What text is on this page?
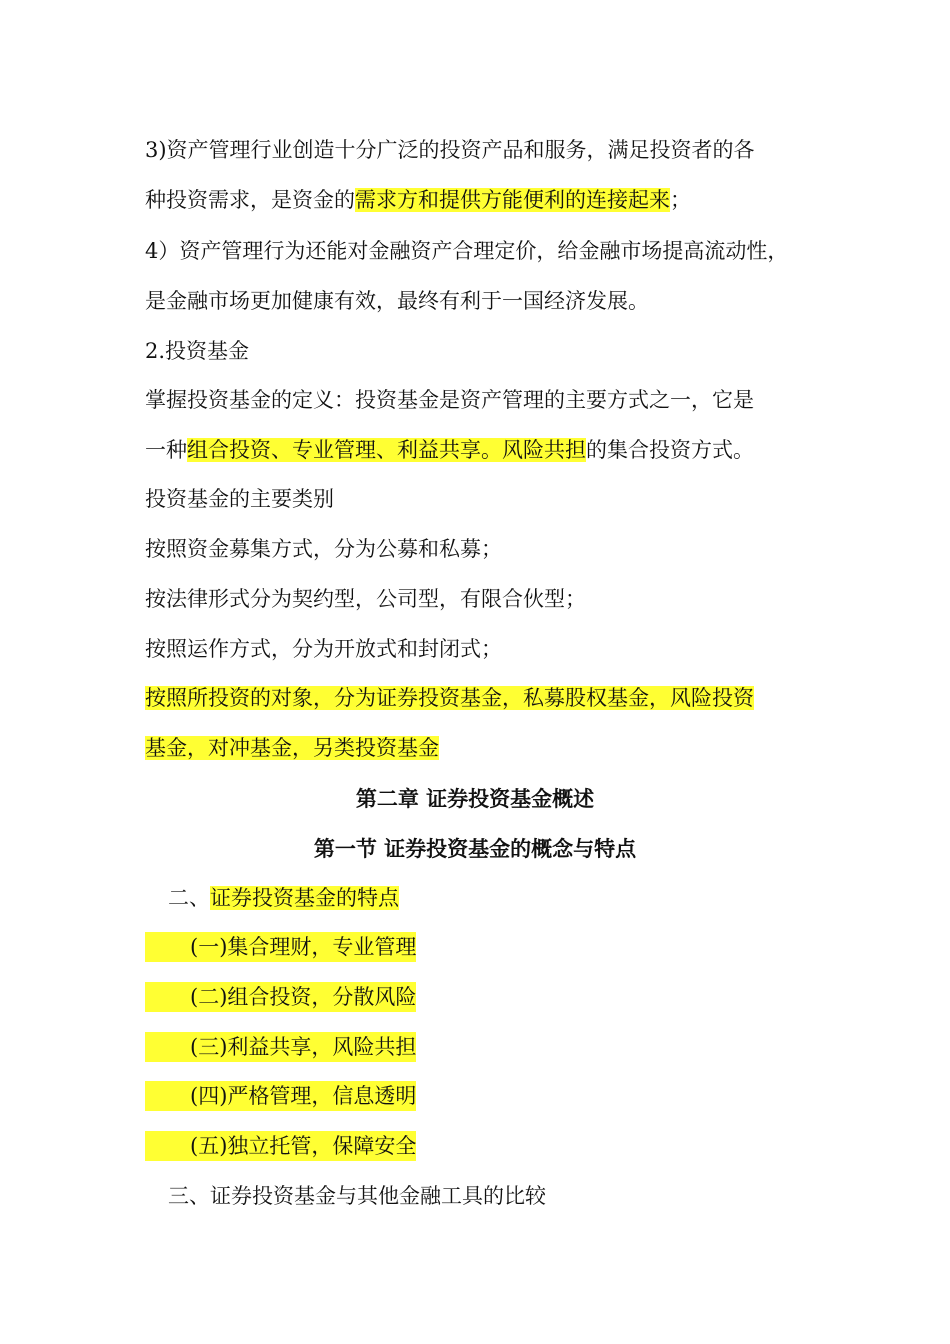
3)资产管理行业创造十分广泛的投资产品和服务，满足投资者的各
种投资需求，是资金的需求方和提供方能便利的连接起来；
4）资产管理行为还能对金融资产合理定价，给金融市场提高流动性，
是金融市场更加健康有效，最终有利于一国经济发展。
2.投资基金
掌握投资基金的定义：投资基金是资产管理的主要方式之一，它是
一种组合投资、专业管理、利益共享。风险共担的集合投资方式。
投资基金的主要类别
按照资金募集方式，分为公募和私募；
按法律形式分为契约型，公司型，有限合伙型；
按照运作方式，分为开放式和封闭式；
按照所投资的对象，分为证券投资基金，私募股权基金，风险投资
基金，对冲基金，另类投资基金
第二章 证券投资基金概述
第一节 证券投资基金的概念与特点
二、证券投资基金的特点
(一)集合理财，专业管理
(二)组合投资，分散风险
(三)利益共享，风险共担
(四)严格管理，信息透明
(五)独立托管，保障安全
三、证券投资基金与其他金融工具的比较
